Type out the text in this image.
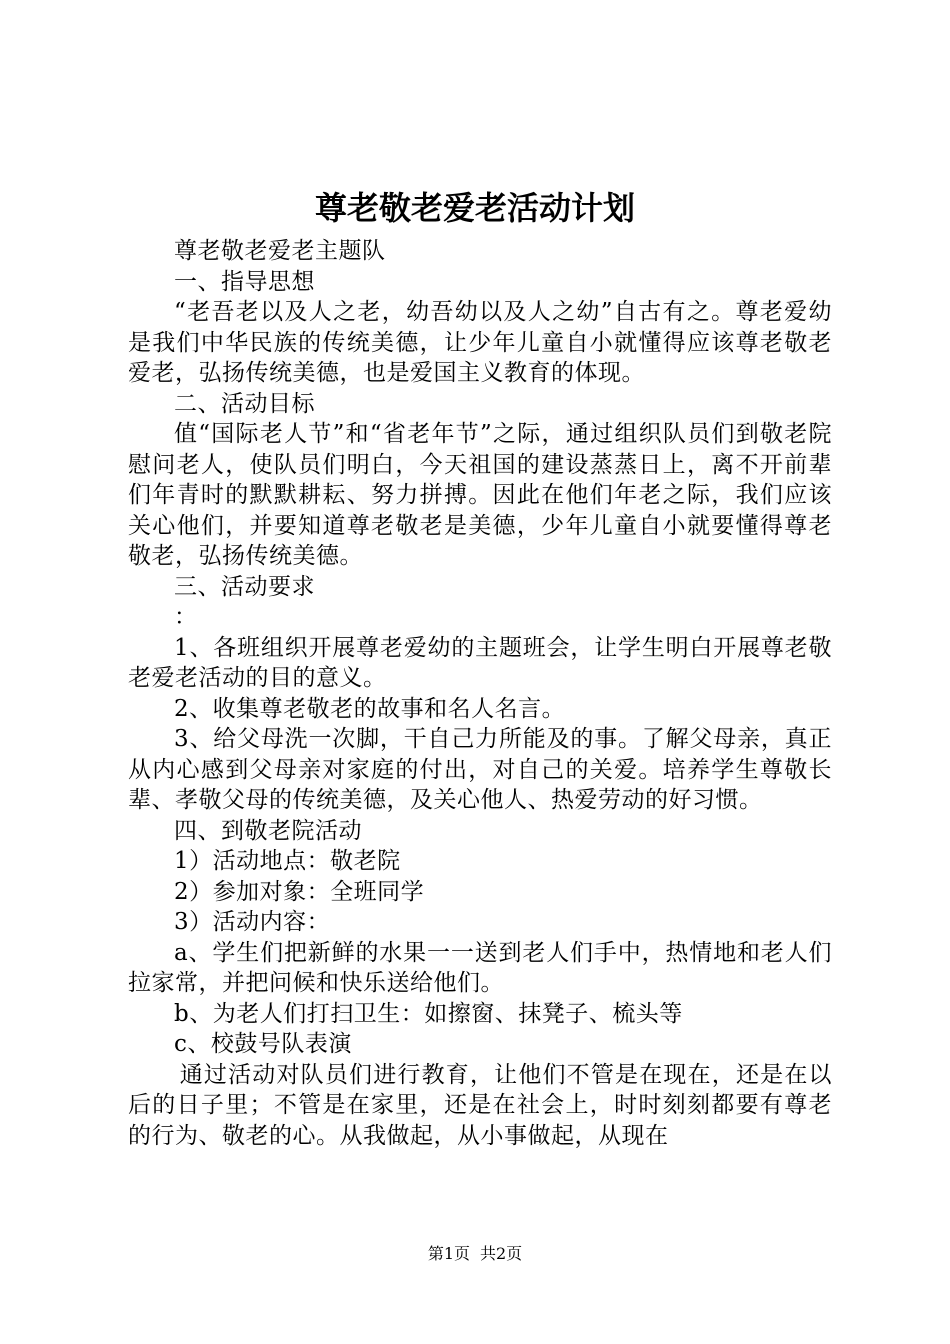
尊老敬老爱老活动计划

尊老敬老爱老主题队

一、指导思想

“老吾老以及人之老，幼吾幼以及人之幼”自古有之。尊老爱幼是我们中华民族的传统美德，让少年儿童自小就懂得应该尊老敬老爱老，弘扬传统美德，也是爱国主义教育的体现。

二、活动目标

值“国际老人节”和“省老年节”之际，通过组织队员们到敬老院慰问老人，使队员们明白，今天祖国的建设蒸蒸日上，离不开前辈们年青时的默默耕耘、努力拼搏。因此在他们年老之际，我们应该关心他们，并要知道尊老敬老是美德，少年儿童自小就要懂得尊老敬老，弘扬传统美德。

三、活动要求

：

1、各班组织开展尊老爱幼的主题班会，让学生明白开展尊老敬老爱老活动的目的意义。

2、收集尊老敬老的故事和名人名言。

3、给父母洗一次脚，干自己力所能及的事。了解父母亲，真正从内心感到父母亲对家庭的付出，对自己的关爱。培养学生尊敬长辈、孝敬父母的传统美德，及关心他人、热爱劳动的好习惯。

四、到敬老院活动

1）活动地点：敬老院

2）参加对象：全班同学

3）活动内容：

a、学生们把新鲜的水果一一送到老人们手中，热情地和老人们拉家常，并把问候和快乐送给他们。

b、为老人们打扫卫生：如擦窗、抹凳子、梳头等

c、校鼓号队表演

通过活动对队员们进行教育，让他们不管是在现在，还是在以后的日子里；不管是在家里，还是在社会上，时时刻刻都要有尊老的行为、敬老的心。从我做起，从小事做起，从现在

第1页 共2页
